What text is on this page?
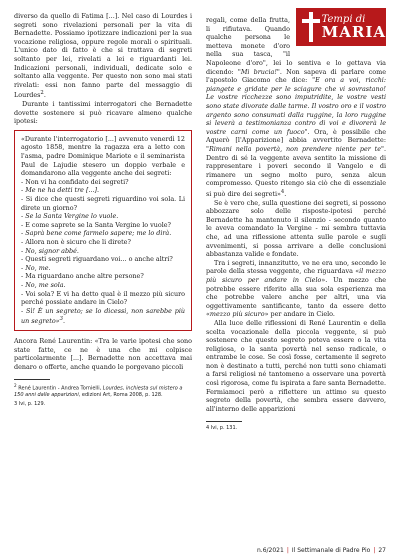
diverso da quello di Fatima [...]. Nel caso di Lourdes i segreti sono rivelazioni personali per la vita di Bernadette. Possiamo ipotizzare indicazioni per la sua vocazione religiosa, oppure regole morali o spirituali. L'unico dato di fatto è che si trattava di segreti soltanto per lei, rivelati a lei e riguardanti lei. Indicazioni personali, individuali, dedicate solo e soltanto alla veggente. Per questo non sono mai stati rivelati: essi non fanno parte del messaggio di Lourdes$^2$.

Durante i tantissimi interrogatori che Bernadette dovette sostenere si può ricavare almeno qualche ipotesi:

«Durante l'interrogatorio [...] avvenuto venerdì 12 agosto 1858, mentre la ragazza era a letto con l'asma, padre Dominique Mariote e il seminarista Paul de Lajudie stesero un doppio verbale e domandarono alla veggente anche dei segreti:

- Non vi ha confidato dei segreti?

- Me ne ha detti tre [...].

- Si dice che questi segreti riguardino voi sola. Li direte un giorno?

- Se la Santa Vergine lo vuole.

- E come saprete se la Santa Vergine lo vuole?

- Saprà bene come farmelo sapere; me lo dirà.

- Allora non è sicuro che li direte?

- No, signor abbé.

- Questi segreti riguardano voi... o anche altri?

- No, me.

- Ma riguardano anche altre persone?

- No, me sola.

- Voi sola? E vi ha detto qual è il mezzo più sicuro perché possiate andare in Cielo?

- Sì! È un segreto; se lo dicessi, non sarebbe più un segreto»$^3$.

Ancora René Laurentin: «Tra le varie ipotesi che sono state fatte, ce ne è una che mi colpisce particolarmente [...]. Bernadette non accettava mai denaro o offerte, anche quando le porgevano piccoli

$^2$ René Laurentin - Andrea Tornielli, Lourdes, inchiesta sul mistero a 150 anni dalle apparizioni, edizioni Art, Roma 2008, p. 128.

3 Ivi, p. 129.

Tempi di
MARIA

regali, come della frutta, li rifiutava. Quando qualche persona le metteva monete d'oro nella sua tasca, "il Napoleone d'oro", lei lo sentiva e lo gettava via dicendo: "Mi brucia!". Non sapeva di parlare come l'apostolo Giacomo che dice: "E ora a voi, ricchi: piangete e gridate per le sciagure che vi sovrastano! Le vostre ricchezze sono imputridite, le vostre vesti sono state divorate dalle tarme. Il vostro oro e il vostro argento sono consumati dalla ruggine, la loro ruggine si leverà a testimonianza contro di voi e divorerà le vostre carni come un fuoco". Ora, è possibile che Aquerò [l'Apparizione] abbia avvertito Bernadette: "Rimani nella povertà, non prendere niente per te". Dentro di sé la veggente aveva sentito la missione di rappresentare i poveri secondo il Vangelo e di rimanere un segno molto puro, senza alcun compromesso. Questo ritengo sia ciò che di essenziale si può dire dei segreti»$^4$.

Se è vero che, sulla questione dei segreti, si possono abbozzare solo delle risposte-ipotesi perché Bernadette ha mantenuto il silenzio - secondo quanto le aveva comandato la Vergine - mi sembra tuttavia che, ad una riflessione attenta sulle parole e sugli avvenimenti, si possa arrivare a delle conclusioni abbastanza valide e fondate.

Tra i segreti, innanzitutto, ve ne era uno, secondo le parole della stessa veggente, che riguardava «il mezzo più sicuro per andare in Cielo». Un mezzo che potrebbe essere riferito alla sua sola esperienza ma che potrebbe valere anche per altri, una via oggettivamente santificante, tanto da essere detto «mezzo più sicuro» per andare in Cielo.

Alla luce delle riflessioni di René Laurentin e della scelta vocazionale della piccola veggente, si può sostenere che questo segreto poteva essere o la vita religiosa, o la santa povertà nel senso radicale, o entrambe le cose. Se così fosse, certamente il segreto non è destinato a tutti, perché non tutti sono chiamati a farsi religiosi né tantomeno a osservare una povertà così rigorosa, come fu ispirata a fare santa Bernadette. Fermiamoci però a riflettere un attimo su questo segreto della povertà, che sembra essere davvero, all'interno delle apparizioni

4 Ivi, p. 131.

n.6/2021 | Il Settimanale di Padre Pio | 27
